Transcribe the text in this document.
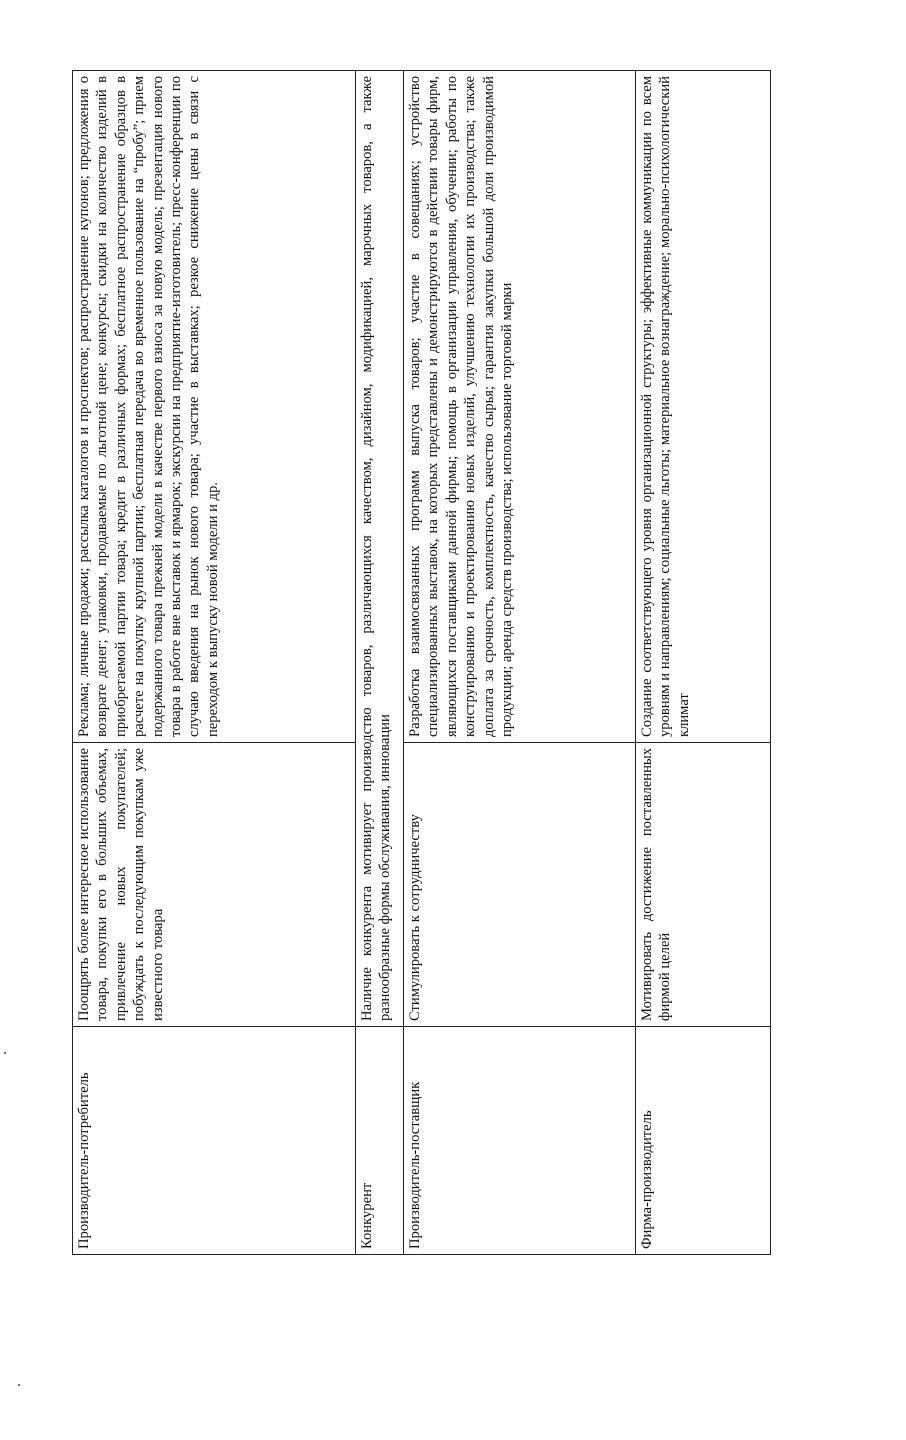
Производитель-потребитель	Поощрять более интересное использование товара, покупки его в больших объемах, привлечение новых покупателей; побуждать к последующим покупкам уже известного товара	Реклама; личные продажи; рассылка каталогов и проспектов; распространение купонов; предложения о возврате денег; упаковки, продаваемые по льготной цене; конкурсы; скидки на количество изделий в приобретаемой партии товара; кредит в различных формах; бесплатное распространение образцов в расчете на покупку крупной партии; бесплатная передача во временное пользование на “пробу”; прием подержанного товара прежней модели в качестве первого взноса за новую модель; презентация нового товара в работе вне выставок и ярмарок; экскурсии на предприятие-изготовитель; пресс-конференции по случаю введения на рынок нового товара; участие в выставках; резкое снижение цены в связи с переходом к выпуску новой модели и др.
Конкурент	Наличие конкурента мотивирует производство товаров, различающихся качеством, дизайном, модификацией, марочных товаров, а также разнообразные формы обслуживания, инновации	
Производитель-поставщик	Стимулировать к сотрудничеству	Разработка взаимосвязанных программ выпуска товаров; участие в совещаниях; устройство специализированных выставок, на которых представлены и демонстрируются в действии товары фирм, являющихся поставщиками данной фирмы; помощь в организации управления, обучении; работы по конструированию и проектированию новых изделий, улучшению технологии их производства; также доплата за срочность, комплектность, качество сырья; гарантия закупки большой доли производимой продукции; аренда средств производства; использование торговой марки
Фирма-производитель	Мотивировать достижение поставленных фирмой целей	Создание соответствующего уровня организационной структуры; эффективные коммуникации по всем уровням и направлениям; социальные льготы; материальное вознаграждение; морально-психологический климат
